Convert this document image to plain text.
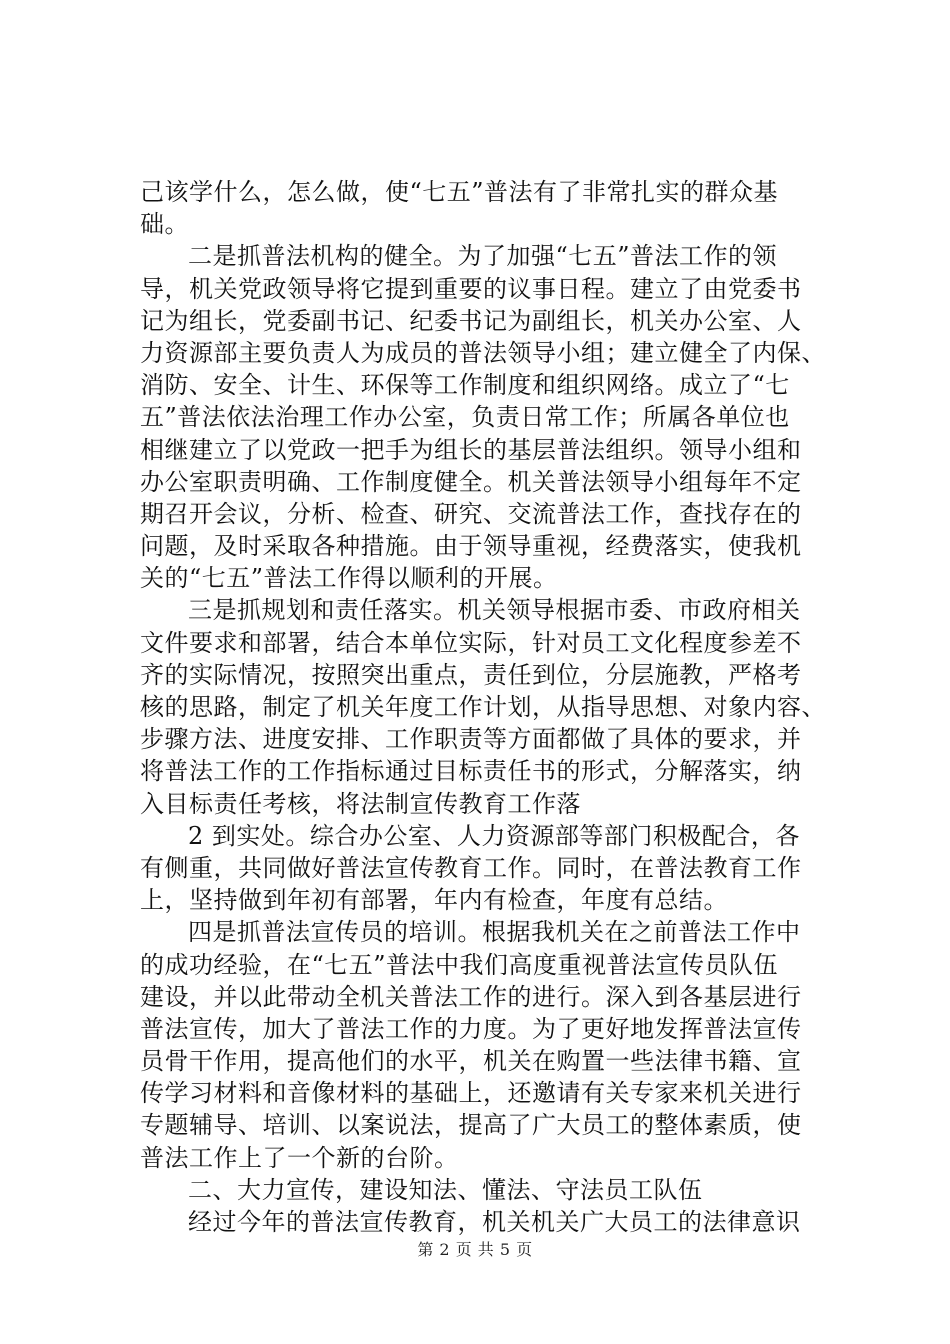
己该学什么，怎么做，使“七五”普法有了非常扎实的群众基
础。
二是抓普法机构的健全。为了加强“七五”普法工作的领
导，机关党政领导将它提到重要的议事日程。建立了由党委书
记为组长，党委副书记、纪委书记为副组长，机关办公室、人
力资源部主要负责人为成员的普法领导小组；建立健全了内保、
消防、安全、计生、环保等工作制度和组织网络。成立了“七
五”普法依法治理工作办公室，负责日常工作；所属各单位也
相继建立了以党政一把手为组长的基层普法组织。领导小组和
办公室职责明确、工作制度健全。机关普法领导小组每年不定
期召开会议，分析、检查、研究、交流普法工作，查找存在的
问题，及时采取各种措施。由于领导重视，经费落实，使我机
关的“七五”普法工作得以顺利的开展。
三是抓规划和责任落实。机关领导根据市委、市政府相关
文件要求和部署，结合本单位实际，针对员工文化程度参差不
齐的实际情况，按照突出重点，责任到位，分层施教，严格考
核的思路，制定了机关年度工作计划，从指导思想、对象内容、
步骤方法、进度安排、工作职责等方面都做了具体的要求，并
将普法工作的工作指标通过目标责任书的形式，分解落实，纳
入目标责任考核，将法制宣传教育工作落
2 到实处。综合办公室、人力资源部等部门积极配合，各
有侧重，共同做好普法宣传教育工作。同时，在普法教育工作
上，坚持做到年初有部署，年内有检查，年度有总结。
四是抓普法宣传员的培训。根据我机关在之前普法工作中
的成功经验，在“七五”普法中我们高度重视普法宣传员队伍
建设，并以此带动全机关普法工作的进行。深入到各基层进行
普法宣传，加大了普法工作的力度。为了更好地发挥普法宣传
员骨干作用，提高他们的水平，机关在购置一些法律书籍、宣
传学习材料和音像材料的基础上，还邀请有关专家来机关进行
专题辅导、培训、以案说法，提高了广大员工的整体素质，使
普法工作上了一个新的台阶。
二、大力宣传，建设知法、懂法、守法员工队伍
经过今年的普法宣传教育，机关机关广大员工的法律意识
第 2 页 共 5 页
